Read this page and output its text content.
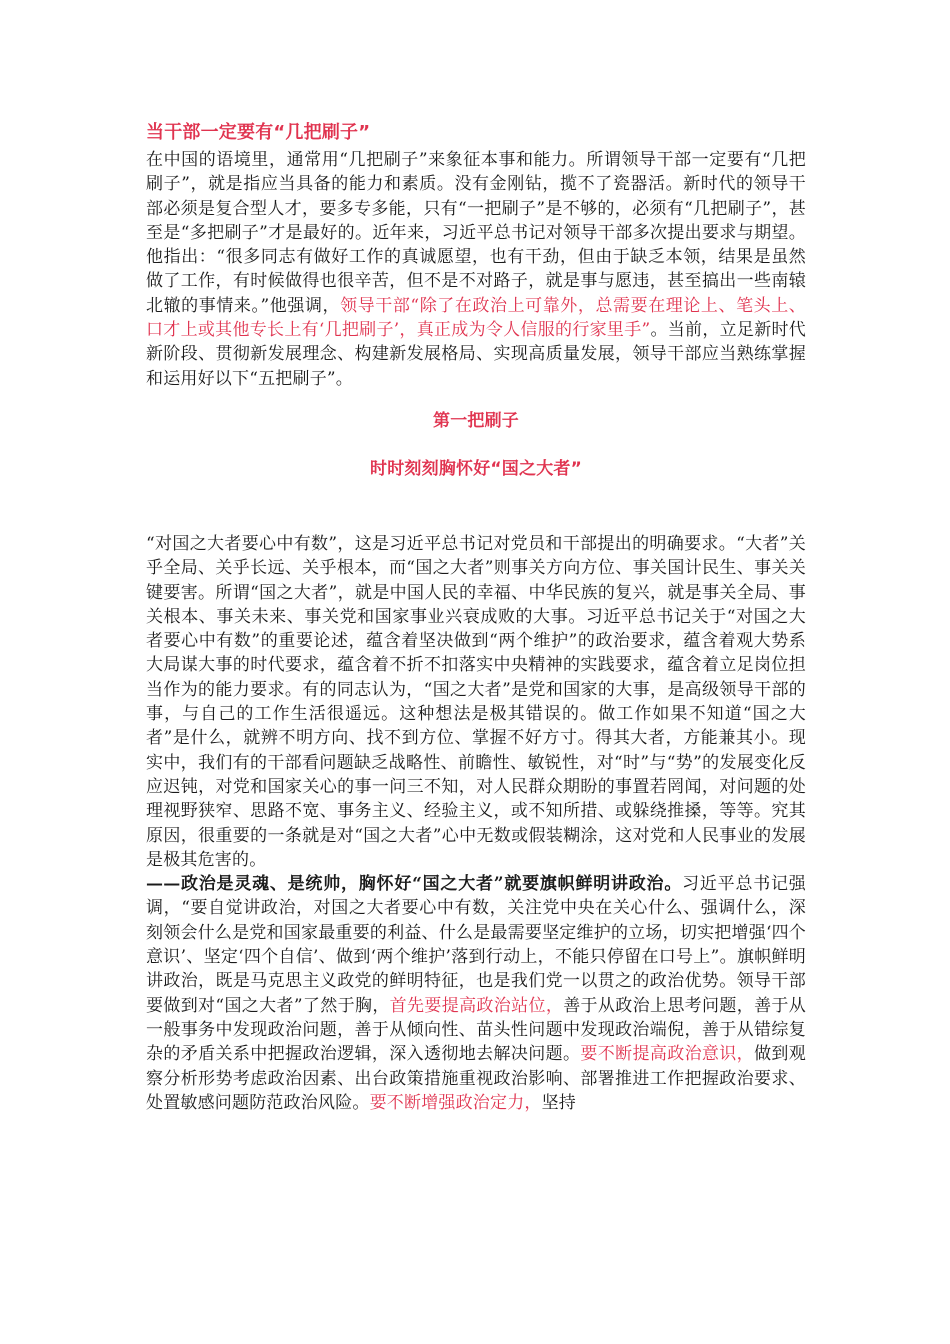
当干部一定要有“几把刷子”

在中国的语境里，通常用“几把刷子”来象征本事和能力。所谓领导干部一定要有“几把刷子”，就是指应当具备的能力和素质。没有金刚钻，揽不了瓷器活。新时代的领导干部必须是复合型人才，要多专多能，只有“一把刷子”是不够的，必须有“几把刷子”，甚至是“多把刷子”才是最好的。近年来，习近平总书记对领导干部多次提出要求与期望。他指出：“很多同志有做好工作的真诚愿望，也有干劲，但由于缺乏本领，结果是虽然做了工作，有时候做得也很辛苦，但不是不对路子，就是事与愿违，甚至搞出一些南辕北辙的事情来。”他强调，领导干部“除了在政治上可靠外，总需要在理论上、笔头上、口才上或其他专长上有‘几把刷子’，真正成为令人信服的行家里手”。当前，立足新时代新阶段、贯彻新发展理念、构建新发展格局、实现高质量发展，领导干部应当熟练掌握和运用好以下“五把刷子”。

第一把刷子
时时刻刻胸怀好“国之大者”

“对国之大者要心中有数”，这是习近平总书记对党员和干部提出的明确要求。“大者”关乎全局、关乎长远、关乎根本，而“国之大者”则事关方向方位、事关国计民生、事关关键要害。所谓“国之大者”，就是中国人民的幸福、中华民族的复兴，就是事关全局、事关根本、事关未来、事关党和国家事业兴衰成败的大事。习近平总书记关于“对国之大者要心中有数”的重要论述，蕴含着坚决做到“两个维护”的政治要求，蕴含着观大势系大局谋大事的时代要求，蕴含着不折不扣落实中央精神的实践要求，蕴含着立足岗位担当作为的能力要求。有的同志认为，“国之大者”是党和国家的大事，是高级领导干部的事，与自己的工作生活很遥远。这种想法是极其错误的。做工作如果不知道“国之大者”是什么，就辨不明方向、找不到方位、掌握不好方寸。得其大者，方能兼其小。现实中，我们有的干部看问题缺乏战略性、前瞻性、敏锐性，对“时”与“势”的发展变化反应迟钝，对党和国家关心的事一问三不知，对人民群众期盼的事置若罔闻，对问题的处理视野狭窄、思路不宽、事务主义、经验主义，或不知所措、或躲绕推搡，等等。究其原因，很重要的一条就是对“国之大者”心中无数或假装糊涂，这对党和人民事业的发展是极其危害的。

——政治是灵魂、是统帅，胸怀好“国之大者”就要旗帜鲜明讲政治。习近平总书记强调，“要自觉讲政治，对国之大者要心中有数，关注党中央在关心什么、强调什么，深刻领会什么是党和国家最重要的利益、什么是最需要坚定维护的立场，切实把增强‘四个意识’、坚定‘四个自信’、做到‘两个维护’落到行动上，不能只停留在口号上”。旗帜鲜明讲政治，既是马克思主义政党的鲜明特征，也是我们党一以贯之的政治优势。领导干部要做到对“国之大者”了然于胸，首先要提高政治站位，善于从政治上思考问题，善于从一般事务中发现政治问题，善于从倾向性、苗头性问题中发现政治端倪，善于从错综复杂的矛盾关系中把握政治逻辑，深入透彻地去解决问题。要不断提高政治意识，做到观察分析形势考虑政治因素、出台政策措施重视政治影响、部署推进工作把握政治要求、处置敏感问题防范政治风险。要不断增强政治定力，坚持
